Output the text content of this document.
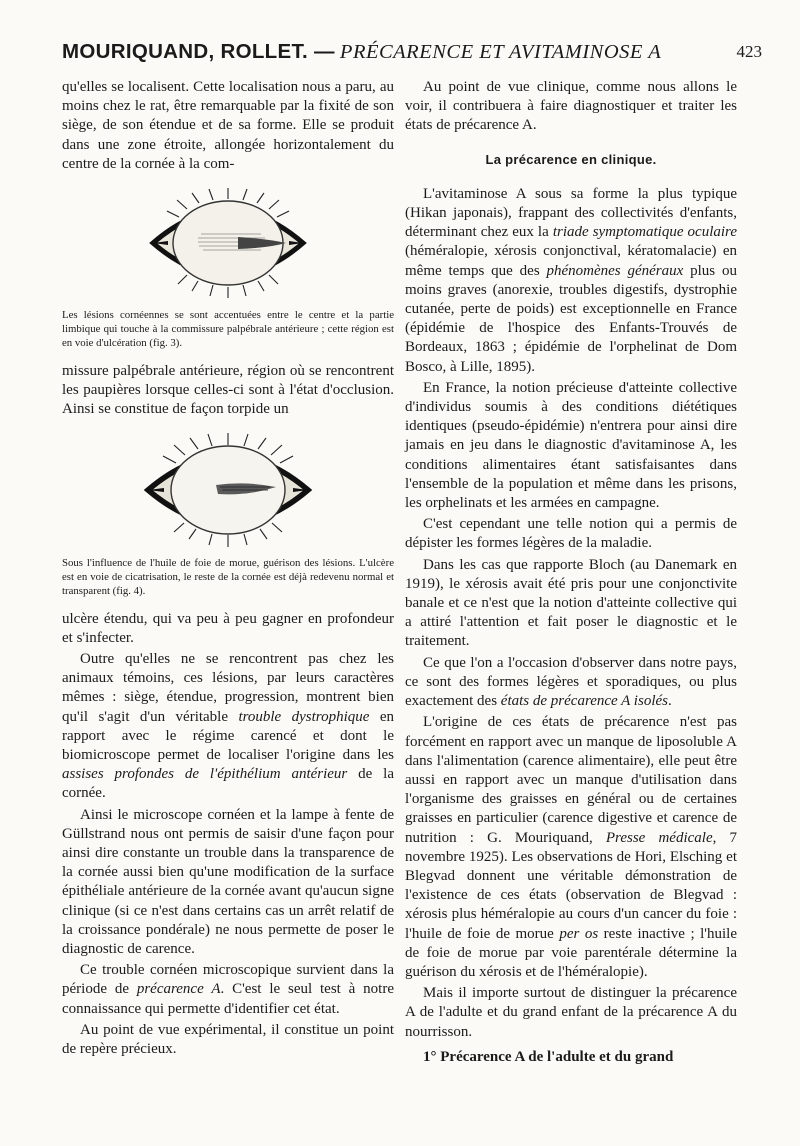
MOURIQUAND, ROLLET. — PRÉCARENCE ET AVITAMINOSE A	423

qu'elles se localisent. Cette localisation nous a paru, au moins chez le rat, être remarquable par la fixité de son siège, de son étendue et de sa forme. Elle se produit dans une zone étroite, allongée horizontalement du centre de la cornée à la com-

Les lésions cornéennes se sont accentuées entre le centre et la partie limbique qui touche à la commissure palpébrale antérieure ; cette région est en voie d'ulcération (fig. 3).

missure palpébrale antérieure, région où se rencontrent les paupières lorsque celles-ci sont à l'état d'occlusion. Ainsi se constitue de façon torpide un

Sous l'influence de l'huile de foie de morue, guérison des lésions. L'ulcère est en voie de cicatrisation, le reste de la cornée est déjà redevenu normal et transparent (fig. 4).

ulcère étendu, qui va peu à peu gagner en profondeur et s'infecter.

Outre qu'elles ne se rencontrent pas chez les animaux témoins, ces lésions, par leurs caractères mêmes : siège, étendue, progression, montrent bien qu'il s'agit d'un véritable trouble dystrophique en rapport avec le régime carencé et dont le biomicroscope permet de localiser l'origine dans les assises profondes de l'épithélium antérieur de la cornée.

Ainsi le microscope cornéen et la lampe à fente de Güllstrand nous ont permis de saisir d'une façon pour ainsi dire constante un trouble dans la transparence de la cornée aussi bien qu'une modification de la surface épithéliale antérieure de la cornée avant qu'aucun signe clinique (si ce n'est dans certains cas un arrêt relatif de la croissance pondérale) ne nous permette de poser le diagnostic de carence.

Ce trouble cornéen microscopique survient dans la période de précarence A. C'est le seul test à notre connaissance qui permette d'identifier cet état.

Au point de vue expérimental, il constitue un point de repère précieux.

Au point de vue clinique, comme nous allons le voir, il contribuera à faire diagnostiquer et traiter les états de précarence A.

La précarence en clinique.

L'avitaminose A sous sa forme la plus typique (Hikan japonais), frappant des collectivités d'enfants, déterminant chez eux la triade symptomatique oculaire (héméralopie, xérosis conjonctival, kératomalacie) en même temps que des phénomènes généraux plus ou moins graves (anorexie, troubles digestifs, dystrophie cutanée, perte de poids) est exceptionnelle en France (épidémie de l'hospice des Enfants-Trouvés de Bordeaux, 1863 ; épidémie de l'orphelinat de Dom Bosco, à Lille, 1895).

En France, la notion précieuse d'atteinte collective d'individus soumis à des conditions diététiques identiques (pseudo-épidémie) n'entrera pour ainsi dire jamais en jeu dans le diagnostic d'avitaminose A, les conditions alimentaires étant satisfaisantes dans l'ensemble de la population et même dans les prisons, les orphelinats et les armées en campagne.

C'est cependant une telle notion qui a permis de dépister les formes légères de la maladie.

Dans les cas que rapporte Bloch (au Danemark en 1919), le xérosis avait été pris pour une conjonctivite banale et ce n'est que la notion d'atteinte collective qui a attiré l'attention et fait poser le diagnostic et le traitement.

Ce que l'on a l'occasion d'observer dans notre pays, ce sont des formes légères et sporadiques, ou plus exactement des états de précarence A isolés.

L'origine de ces états de précarence n'est pas forcément en rapport avec un manque de liposoluble A dans l'alimentation (carence alimentaire), elle peut être aussi en rapport avec un manque d'utilisation dans l'organisme des graisses en général ou de certaines graisses en particulier (carence digestive et carence de nutrition : G. Mouriquand, Presse médicale, 7 novembre 1925). Les observations de Hori, Elsching et Blegvad donnent une véritable démonstration de l'existence de ces états (observation de Blegvad : xérosis plus héméralopie au cours d'un cancer du foie : l'huile de foie de morue per os reste inactive ; l'huile de foie de morue par voie parentérale détermine la guérison du xérosis et de l'héméralopie).

Mais il importe surtout de distinguer la précarence A de l'adulte et du grand enfant de la précarence A du nourrisson.

1° Précarence A de l'adulte et du grand
